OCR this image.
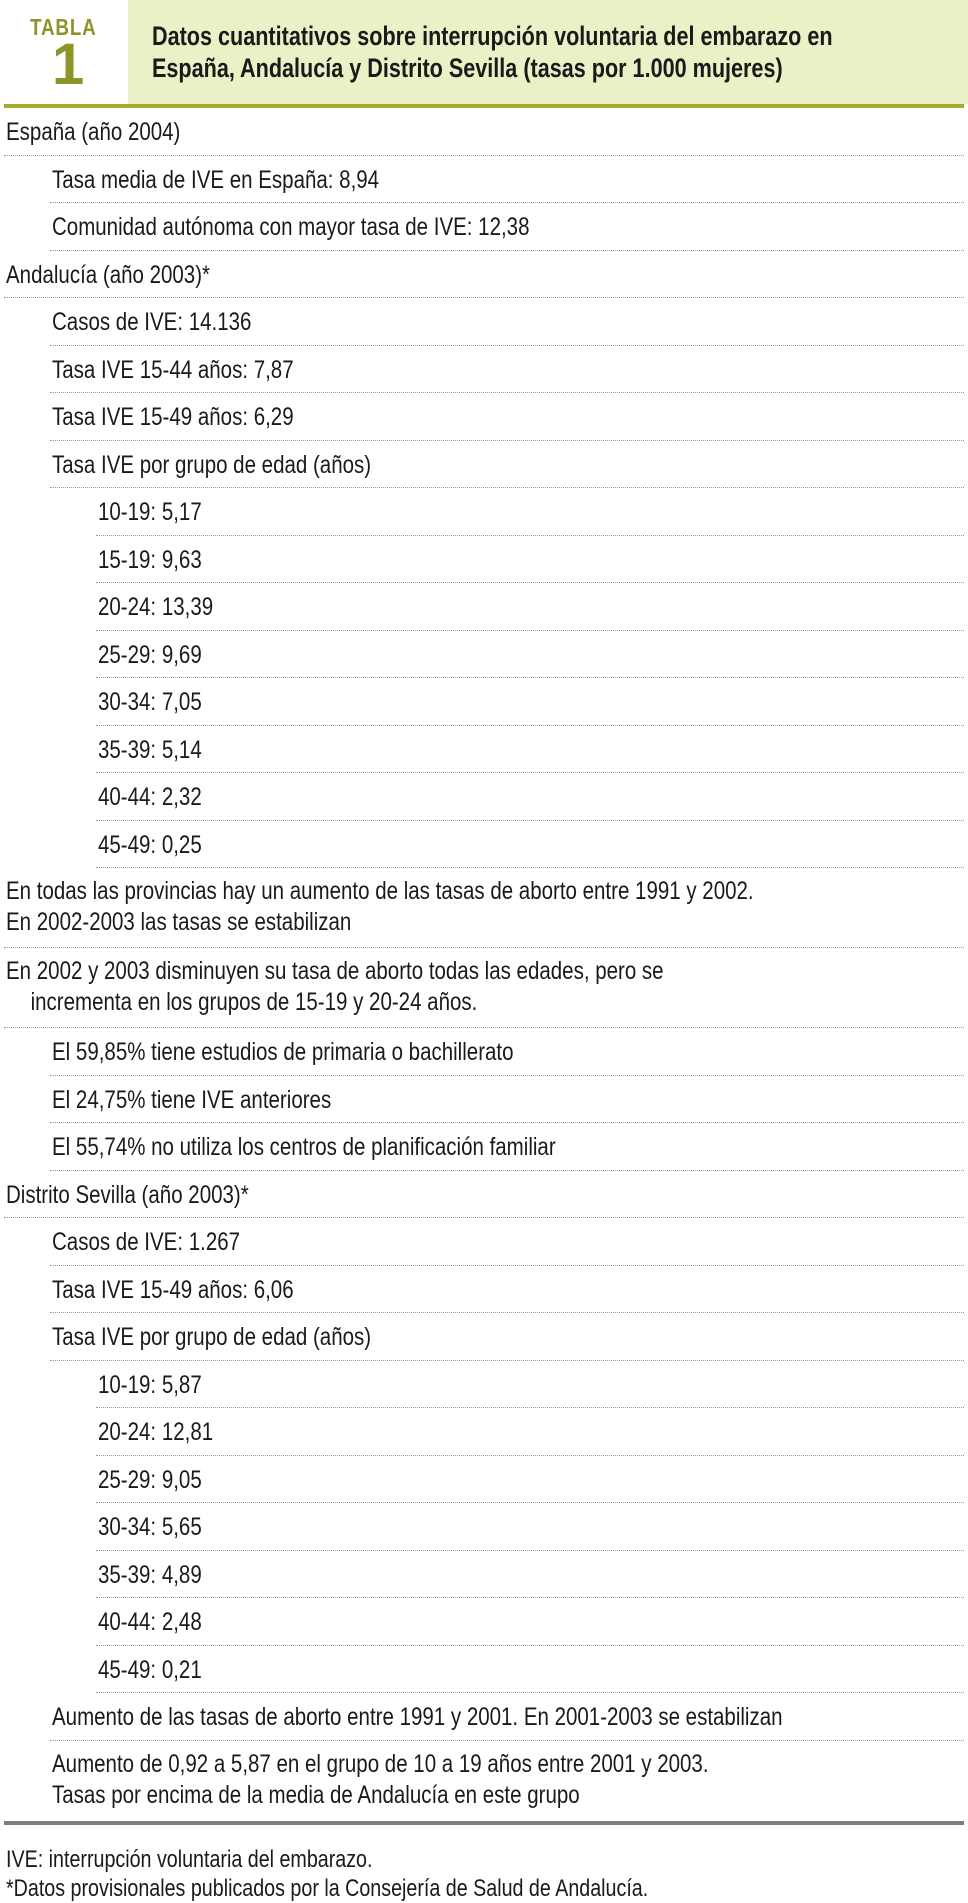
TABLA
1	Datos cuantitativos sobre interrupción voluntaria del embarazo en
España, Andalucía y Distrito Sevilla (tasas por 1.000 mujeres)
España (año 2004)
Tasa media de IVE en España: 8,94
Comunidad autónoma con mayor tasa de IVE: 12,38
Andalucía (año 2003)*
Casos de IVE: 14.136
Tasa IVE 15-44 años: 7,87
Tasa IVE 15-49 años: 6,29
Tasa IVE por grupo de edad (años)
10-19: 5,17
15-19: 9,63
20-24: 13,39
25-29: 9,69
30-34: 7,05
35-39: 5,14
40-44: 2,32
45-49: 0,25
En todas las provincias hay un aumento de las tasas de aborto entre 1991 y 2002.
En 2002-2003 las tasas se estabilizan
En 2002 y 2003 disminuyen su tasa de aborto todas las edades, pero se
incrementa en los grupos de 15-19 y 20-24 años.
El 59,85% tiene estudios de primaria o bachillerato
El 24,75% tiene IVE anteriores
El 55,74% no utiliza los centros de planificación familiar
Distrito Sevilla (año 2003)*
Casos de IVE: 1.267
Tasa IVE 15-49 años: 6,06
Tasa IVE por grupo de edad (años)
10-19: 5,87
20-24: 12,81
25-29: 9,05
30-34: 5,65
35-39: 4,89
40-44: 2,48
45-49: 0,21
Aumento de las tasas de aborto entre 1991 y 2001. En 2001-2003 se estabilizan
Aumento de 0,92 a 5,87 en el grupo de 10 a 19 años entre 2001 y 2003.
Tasas por encima de la media de Andalucía en este grupo
IVE: interrupción voluntaria del embarazo.
*Datos provisionales publicados por la Consejería de Salud de Andalucía.
